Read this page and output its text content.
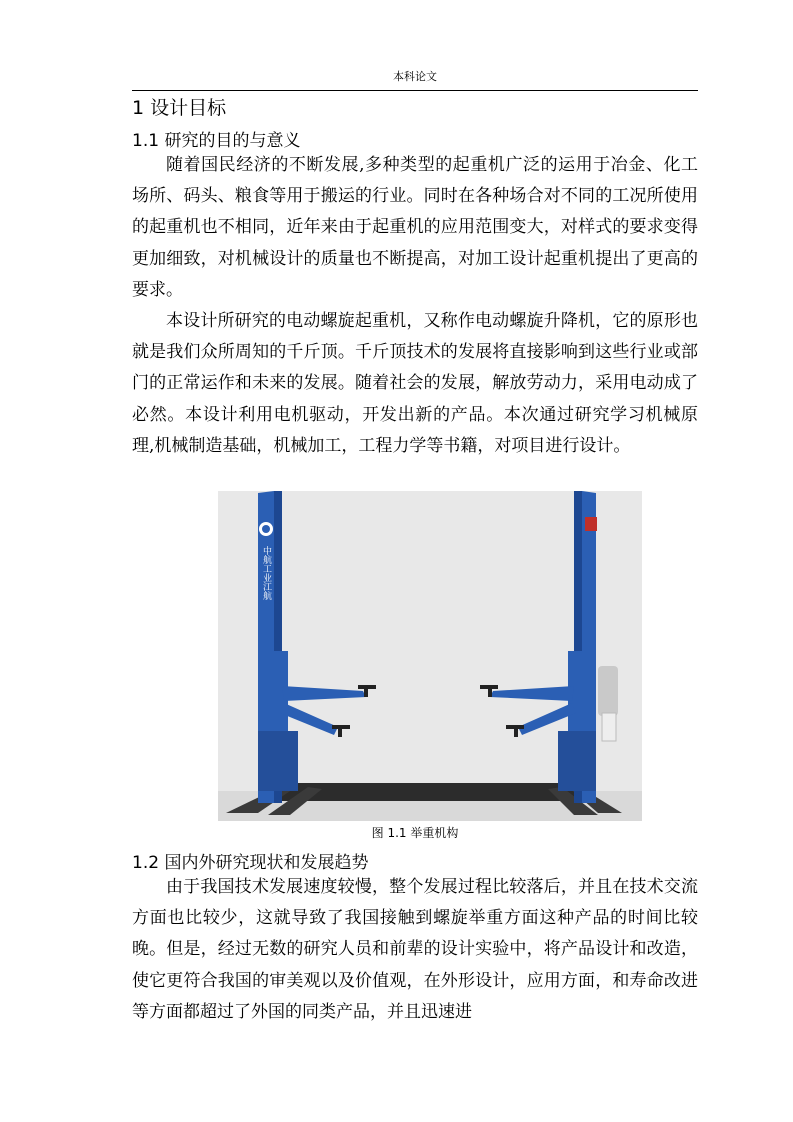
本科论文
1 设计目标
1.1 研究的目的与意义

随着国民经济的不断发展,多种类型的起重机广泛的运用于冶金、化工场所、码头、粮食等用于搬运的行业。同时在各种场合对不同的工况所使用的起重机也不相同，近年来由于起重机的应用范围变大，对样式的要求变得更加细致，对机械设计的质量也不断提高，对加工设计起重机提出了更高的要求。

本设计所研究的电动螺旋起重机，又称作电动螺旋升降机，它的原形也就是我们众所周知的千斤顶。千斤顶技术的发展将直接影响到这些行业或部门的正常运作和未来的发展。随着社会的发展，解放劳动力，采用电动成了必然。本设计利用电机驱动，开发出新的产品。本次通过研究学习机械原理,机械制造基础，机械加工，工程力学等书籍，对项目进行设计。

中航工业江航
图 1.1 举重机构
1.2 国内外研究现状和发展趋势

由于我国技术发展速度较慢，整个发展过程比较落后，并且在技术交流方面也比较少，这就导致了我国接触到螺旋举重方面这种产品的时间比较晚。但是，经过无数的研究人员和前辈的设计实验中，将产品设计和改造，使它更符合我国的审美观以及价值观，在外形设计，应用方面，和寿命改进等方面都超过了外国的同类产品，并且迅速进
